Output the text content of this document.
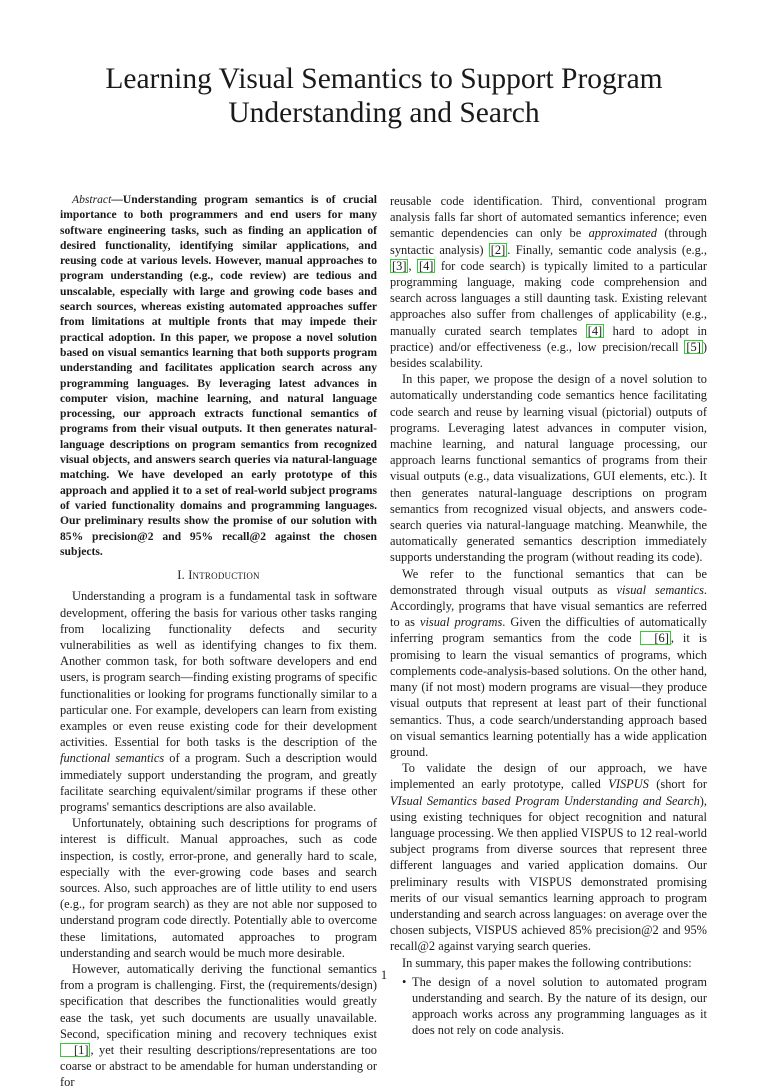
Learning Visual Semantics to Support Program Understanding and Search

Abstract—Understanding program semantics is of crucial importance to both programmers and end users for many software engineering tasks, such as finding an application of desired functionality, identifying similar applications, and reusing code at various levels. However, manual approaches to program understanding (e.g., code review) are tedious and unscalable, especially with large and growing code bases and search sources, whereas existing automated approaches suffer from limitations at multiple fronts that may impede their practical adoption. In this paper, we propose a novel solution based on visual semantics learning that both supports program understanding and facilitates application search across any programming languages. By leveraging latest advances in computer vision, machine learning, and natural language processing, our approach extracts functional semantics of programs from their visual outputs. It then generates natural-language descriptions on program semantics from recognized visual objects, and answers search queries via natural-language matching. We have developed an early prototype of this approach and applied it to a set of real-world subject programs of varied functionality domains and programming languages. Our preliminary results show the promise of our solution with 85% precision@2 and 95% recall@2 against the chosen subjects.

I. Introduction

Understanding a program is a fundamental task in software development, offering the basis for various other tasks ranging from localizing functionality defects and security vulnerabilities as well as identifying changes to fix them. Another common task, for both software developers and end users, is program search—finding existing programs of specific functionalities or looking for programs functionally similar to a particular one. For example, developers can learn from existing examples or even reuse existing code for their development activities. Essential for both tasks is the description of the functional semantics of a program. Such a description would immediately support understanding the program, and greatly facilitate searching equivalent/similar programs if these other programs' semantics descriptions are also available.

Unfortunately, obtaining such descriptions for programs of interest is difficult. Manual approaches, such as code inspection, is costly, error-prone, and generally hard to scale, especially with the ever-growing code bases and search sources. Also, such approaches are of little utility to end users (e.g., for program search) as they are not able nor supposed to understand program code directly. Potentially able to overcome these limitations, automated approaches to program understanding and search would be much more desirable.

However, automatically deriving the functional semantics from a program is challenging. First, the (requirements/design) specification that describes the functionalities would greatly ease the task, yet such documents are usually unavailable. Second, specification mining and recovery techniques exist [1] , yet their resulting descriptions/representations are too coarse or abstract to be amendable for human understanding or for

reusable code identification. Third, conventional program analysis falls far short of automated semantics inference; even semantic dependencies can only be approximated (through syntactic analysis) [2] . Finally, semantic code analysis (e.g., [3] , [4] for code search) is typically limited to a particular programming language, making code comprehension and search across languages a still daunting task. Existing relevant approaches also suffer from challenges of applicability (e.g., manually curated search templates [4] hard to adopt in practice) and/or effectiveness (e.g., low precision/recall [5] ) besides scalability.

In this paper, we propose the design of a novel solution to automatically understanding code semantics hence facilitating code search and reuse by learning visual (pictorial) outputs of programs. Leveraging latest advances in computer vision, machine learning, and natural language processing, our approach learns functional semantics of programs from their visual outputs (e.g., data visualizations, GUI elements, etc.). It then generates natural-language descriptions on program semantics from recognized visual objects, and answers code-search queries via natural-language matching. Meanwhile, the automatically generated semantics description immediately supports understanding the program (without reading its code).

We refer to the functional semantics that can be demonstrated through visual outputs as visual semantics. Accordingly, programs that have visual semantics are referred to as visual programs. Given the difficulties of automatically inferring program semantics from the code [6] , it is promising to learn the visual semantics of programs, which complements code-analysis-based solutions. On the other hand, many (if not most) modern programs are visual—they produce visual outputs that represent at least part of their functional semantics. Thus, a code search/understanding approach based on visual semantics learning potentially has a wide application ground.

To validate the design of our approach, we have implemented an early prototype, called VISPUS (short for VIsual Semantics based Program Understanding and Search), using existing techniques for object recognition and natural language processing. We then applied VISPUS to 12 real-world subject programs from diverse sources that represent three different languages and varied application domains. Our preliminary results with VISPUS demonstrated promising merits of our visual semantics learning approach to program understanding and search across languages: on average over the chosen subjects, VISPUS achieved 85% precision@2 and 95% recall@2 against varying search queries.

In summary, this paper makes the following contributions:

• The design of a novel solution to automated program understanding and search. By the nature of its design, our approach works across any programming languages as it does not rely on code analysis.
1
